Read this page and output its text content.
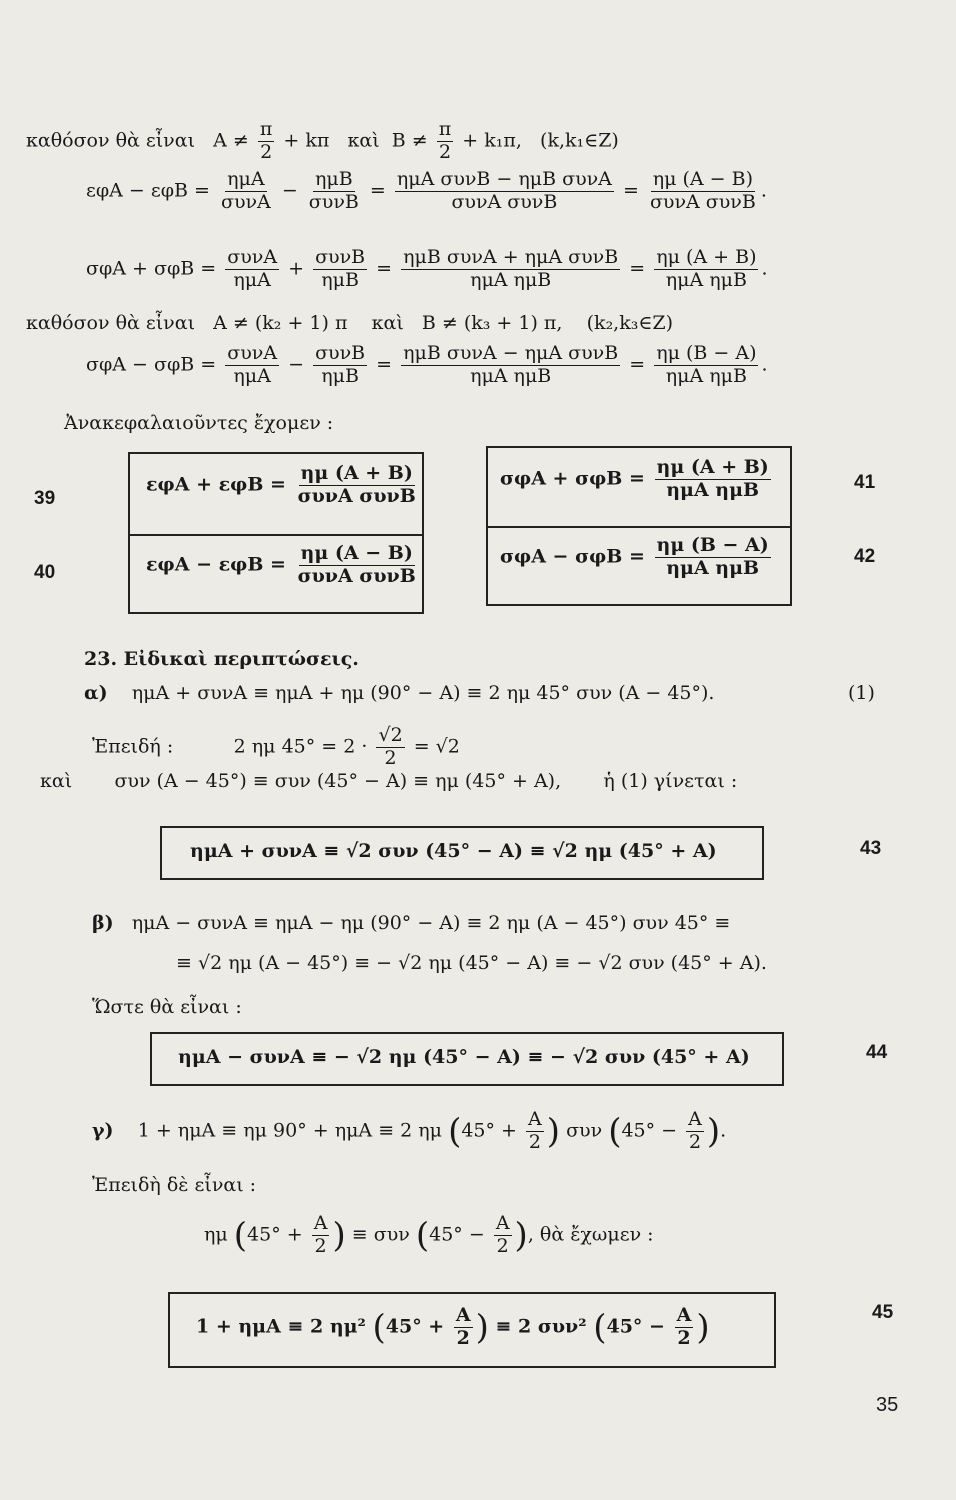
καθόσον θὰ εἶναι $A \ne \frac{\pi}{2} + k\pi$ καὶ $B \ne \frac{\pi}{2} + k_1\pi$, (k,k₁∈Z)
$\varepsilon\varphi A - \varepsilon\varphi B = \frac{\text{ημA}}{\text{συνA}} - \frac{\text{ημB}}{\text{συνB}} = \frac{\text{ημA συνB − ημB συνA}}{\text{συνA συνB}} = \frac{\eta\mu (A - B)}{\text{συνA συνB}}$ .
$\sigma\varphi A + \sigma\varphi B = \frac{\text{συνA}}{\text{ημA}} + \frac{\text{συνB}}{\text{ημB}} = \frac{\text{ημB συνA + ημA συνB}}{\text{ημA ημB}} = \frac{\eta\mu (A + B)}{\text{ημA ημB}}$ .
καθόσον θὰ εἶναι A ≠ (k₂ + 1) π καὶ B ≠ (k₃ + 1) π, (k₂,k₃∈Z)
$\sigma\varphi A - \sigma\varphi B = \frac{\text{συνA}}{\text{ημA}} - \frac{\text{συνB}}{\text{ημB}} = \frac{\text{ημB συνA − ημA συνB}}{\text{ημA ημB}} = \frac{\eta\mu (B - A)}{\text{ημA ημB}}$ .
Ἀνακεφαλαιοῦντες ἔχομεν :
39
$\varepsilon\varphi A + \varepsilon\varphi B = \frac{\eta\mu (A + B)}{\text{συνA συνB}}$
40	$\varepsilon\varphi A - \varepsilon\varphi B = \frac{\eta\mu (A - B)}{\text{συνA συνB}}$
$\sigma\varphi A + \sigma\varphi B = \frac{\eta\mu (A + B)}{\text{ημA ημB}}$	41
$\sigma\varphi A - \sigma\varphi B = \frac{\eta\mu (B - A)}{\text{ημA ημB}}$	42
23. Εἰδικαὶ περιπτώσεις.
α) ημA + συνA ≡ ημA + ημ (90° − A) ≡ 2 ημ 45° συν (A − 45°).	(1)
Ἐπειδή :	2 ημ $45^\circ = 2 \cdot \frac{√2}{2} = √2$
καὶ συν (A − 45°) ≡ συν (45° − A) ≡ ημ (45° + A), ἡ (1) γίνεται :
ημA + συνA ≡ √2 συν (45° − A) ≡ √2 ημ (45° + A)	43
β) ημA − συνA ≡ ημA − ημ (90° − A) ≡ 2 ημ (A − 45°) συν 45° ≡
≡ √2 ημ (A − 45°) ≡ − √2 ημ (45° − A) ≡ − √2 συν (45° + A).
Ὥστε θὰ εἶναι :
ημA − συνA ≡ − √2 ημ (45° − A) ≡ − √2 συν (45° + A)	44
γ) 1 + ημA ≡ ημ 90° + ημA ≡ 2 ημ ($45^\circ + \frac{A}{2}$ ) συν ($45^\circ - \frac{A}{2}$ ).
Ἐπειδὴ δὲ εἶναι :
ημ ($45^\circ + \frac{A}{2}$ ) ≡ συν ($45^\circ - \frac{A}{2}$ ), θὰ ἔχωμεν :
1 + ημA ≡ 2 ημ² ($45^\circ + \frac{A}{2}$ ) ≡ 2 συν² ($45^\circ - \frac{A}{2}$ )	45
35
